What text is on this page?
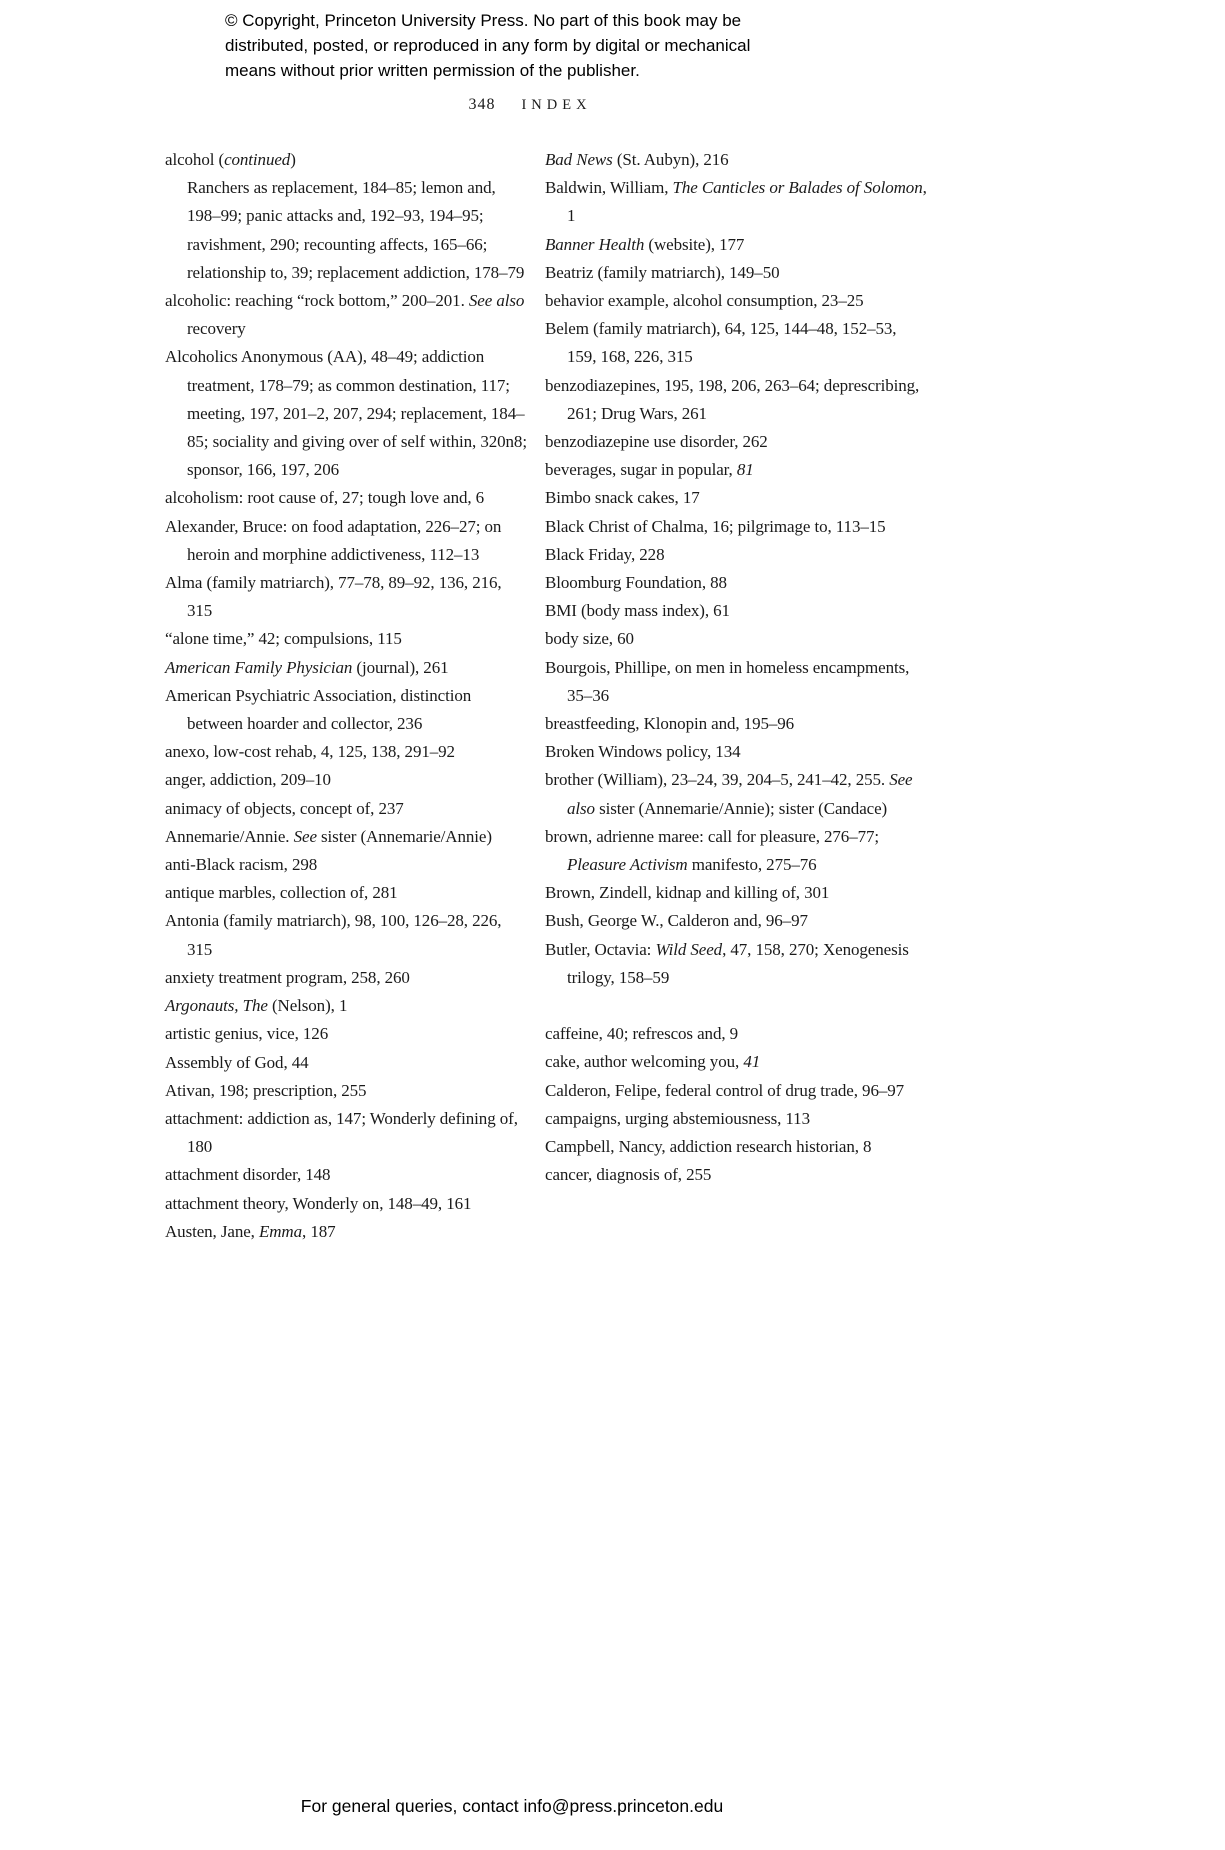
© Copyright, Princeton University Press. No part of this book may be
distributed, posted, or reproduced in any form by digital or mechanical
means without prior written permission of the publisher.
348 INDEX

alcohol (continued)

Ranchers as replacement, 184–85; lemon and, 198–99; panic attacks and, 192–93, 194–95; ravishment, 290; recounting affects, 165–66; relationship to, 39; replacement addiction, 178–79

alcoholic: reaching “rock bottom,” 200–201. See also recovery

Alcoholics Anonymous (AA), 48–49; addiction treatment, 178–79; as common destination, 117; meeting, 197, 201–2, 207, 294; replacement, 184–85; sociality and giving over of self within, 320n8; sponsor, 166, 197, 206

alcoholism: root cause of, 27; tough love and, 6

Alexander, Bruce: on food adaptation, 226–27; on heroin and morphine addictiveness, 112–13

Alma (family matriarch), 77–78, 89–92, 136, 216, 315

“alone time,” 42; compulsions, 115

American Family Physician (journal), 261

American Psychiatric Association, distinction between hoarder and collector, 236

anexo, low-cost rehab, 4, 125, 138, 291–92

anger, addiction, 209–10

animacy of objects, concept of, 237

Annemarie/Annie. See sister (Annemarie/Annie)

anti-Black racism, 298

antique marbles, collection of, 281

Antonia (family matriarch), 98, 100, 126–28, 226, 315

anxiety treatment program, 258, 260

Argonauts, The (Nelson), 1

artistic genius, vice, 126

Assembly of God, 44

Ativan, 198; prescription, 255

attachment: addiction as, 147; Wonderly defining of, 180

attachment disorder, 148

attachment theory, Wonderly on, 148–49, 161

Austen, Jane, Emma, 187

Bad News (St. Aubyn), 216

Baldwin, William, The Canticles or Balades of Solomon, 1

Banner Health (website), 177

Beatriz (family matriarch), 149–50

behavior example, alcohol consumption, 23–25

Belem (family matriarch), 64, 125, 144–48, 152–53, 159, 168, 226, 315

benzodiazepines, 195, 198, 206, 263–64; deprescribing, 261; Drug Wars, 261

benzodiazepine use disorder, 262

beverages, sugar in popular, 81

Bimbo snack cakes, 17

Black Christ of Chalma, 16; pilgrimage to, 113–15

Black Friday, 228

Bloomburg Foundation, 88

BMI (body mass index), 61

body size, 60

Bourgois, Phillipe, on men in homeless encampments, 35–36

breastfeeding, Klonopin and, 195–96

Broken Windows policy, 134

brother (William), 23–24, 39, 204–5, 241–42, 255. See also sister (Annemarie/Annie); sister (Candace)

brown, adrienne maree: call for pleasure, 276–77; Pleasure Activism manifesto, 275–76

Brown, Zindell, kidnap and killing of, 301

Bush, George W., Calderon and, 96–97

Butler, Octavia: Wild Seed, 47, 158, 270; Xenogenesis trilogy, 158–59

caffeine, 40; refrescos and, 9

cake, author welcoming you, 41

Calderon, Felipe, federal control of drug trade, 96–97

campaigns, urging abstemiousness, 113

Campbell, Nancy, addiction research historian, 8

cancer, diagnosis of, 255

For general queries, contact info@press.princeton.edu
